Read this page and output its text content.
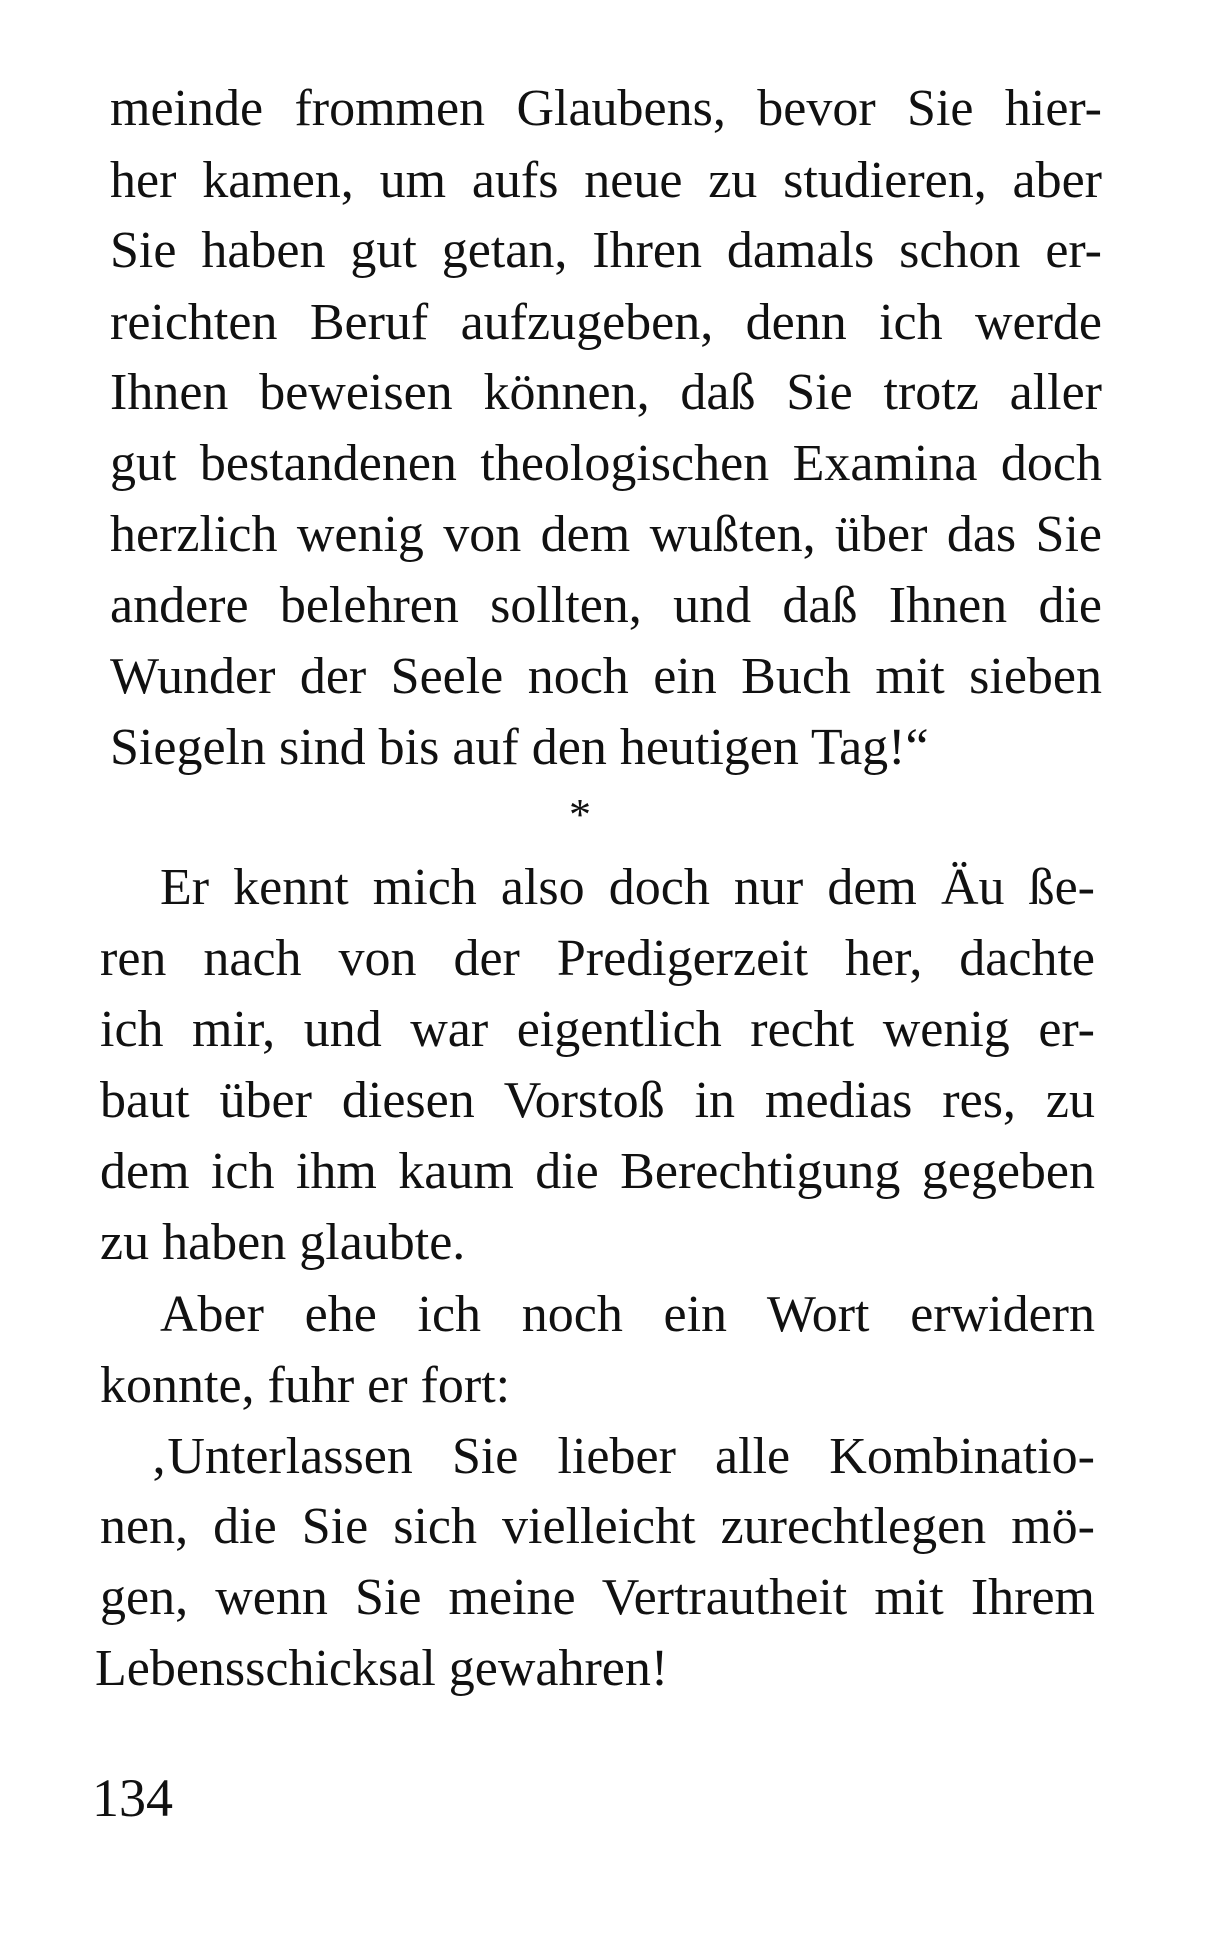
meinde frommen Glaubens, bevor Sie hier-
her kamen, um aufs neue zu studieren, aber
Sie haben gut getan, Ihren damals schon er-
reichten Beruf aufzugeben, denn ich werde
Ihnen beweisen können, daß Sie trotz aller
gut bestandenen theologischen Examina doch
herzlich wenig von dem wußten, über das Sie
andere belehren sollten, und daß Ihnen die
Wunder der Seele noch ein Buch mit sieben
Siegeln sind bis auf den heutigen Tag!“
*
Er kennt mich also doch nur dem Äu ße-
ren nach von der Predigerzeit her, dachte
ich mir, und war eigentlich recht wenig er-
baut über diesen Vorstoß in medias res, zu
dem ich ihm kaum die Berechtigung gegeben
zu haben glaubte.
Aber ehe ich noch ein Wort erwidern
konnte, fuhr er fort:
‚Unterlassen Sie lieber alle Kombinatio-
nen, die Sie sich vielleicht zurechtlegen mö-
gen, wenn Sie meine Vertrautheit mit Ihrem
Lebensschicksal gewahren!
134
